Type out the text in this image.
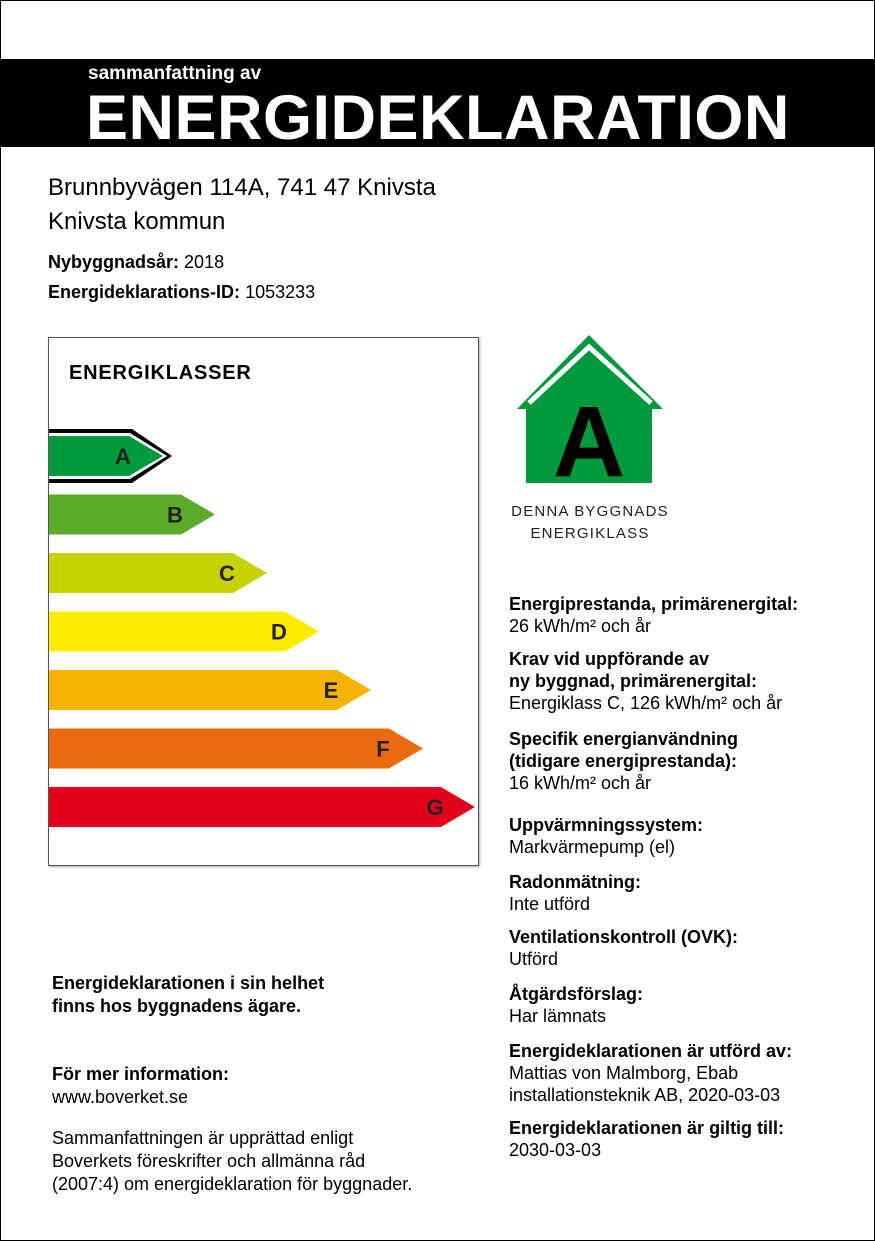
sammanfattning av
ENERGIDEKLARATION
Brunnbyvägen 114A, 741 47 Knivsta
Knivsta kommun
Nybyggnadsår: 2018
Energideklarations-ID: 1053233
ENERGIKLASSER
A
B
C
D
E
F
G
A
DENNA BYGGNADS
ENERGIKLASS
Energiprestanda, primärenergital:
26 kWh/m² och år
Krav vid uppförande av
ny byggnad, primärenergital:
Energiklass C, 126 kWh/m² och år
Specifik energianvändning
(tidigare energiprestanda):
16 kWh/m² och år
Uppvärmningssystem:
Markvärmepump (el)
Radonmätning:
Inte utförd
Ventilationskontroll (OVK):
Utförd
Åtgärdsförslag:
Har lämnats
Energideklarationen är utförd av:
Mattias von Malmborg, Ebab installationsteknik AB, 2020-03-03
Energideklarationen är giltig till:
2030-03-03
Energideklarationen i sin helhet
finns hos byggnadens ägare.
För mer information:
www.boverket.se
Sammanfattningen är upprättad enligt
Boverkets föreskrifter och allmänna råd
(2007:4) om energideklaration för byggnader.
